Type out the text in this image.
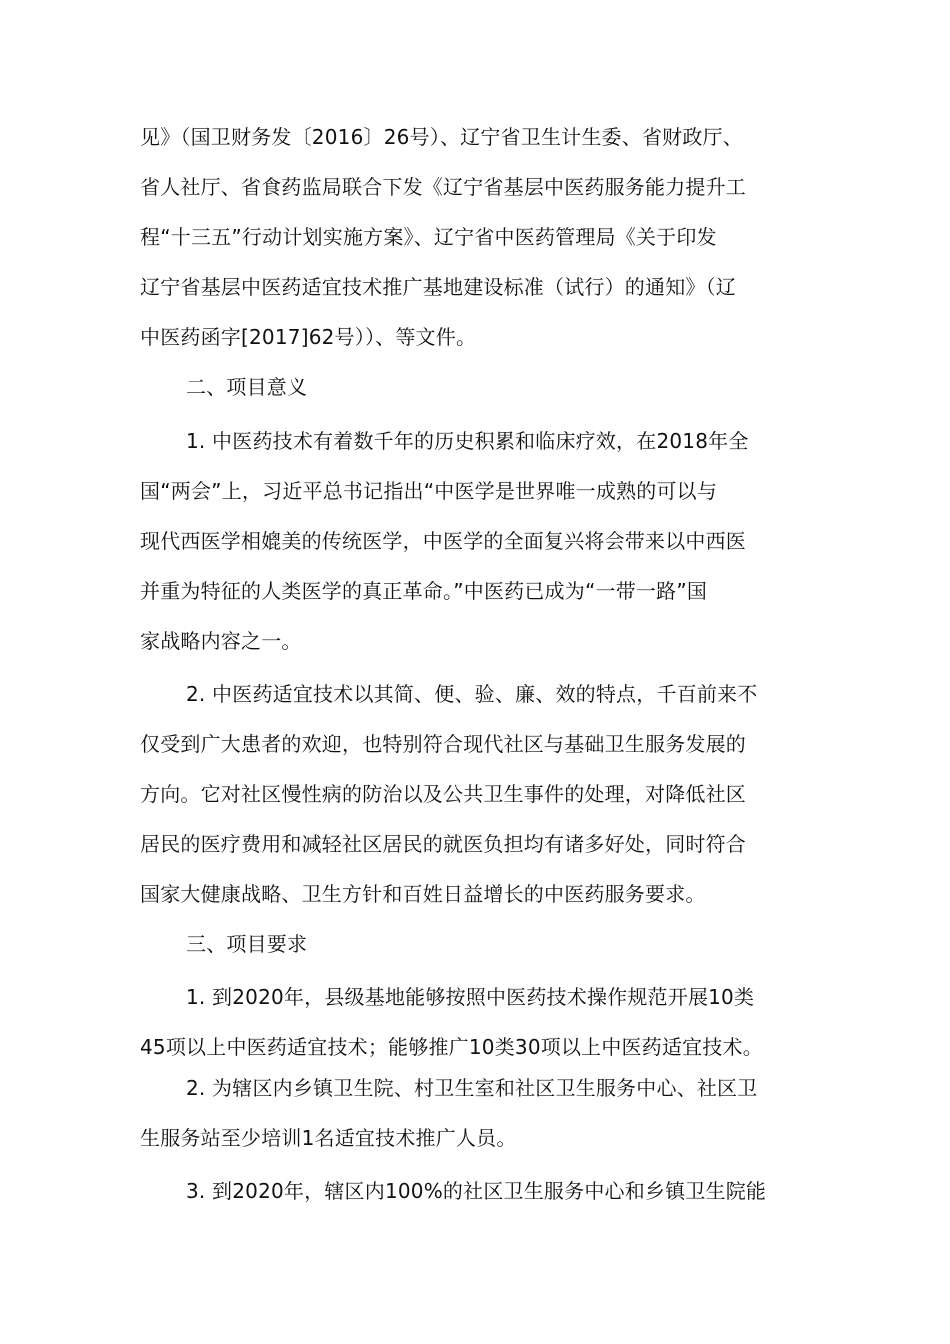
见》（国卫财务发〔2016〕26号）、辽宁省卫生计生委、省财政厅、
省人社厅、省食药监局联合下发《辽宁省基层中医药服务能力提升工
程“十三五”行动计划实施方案》、辽宁省中医药管理局《关于印发
辽宁省基层中医药适宜技术推广基地建设标准（试行）的通知》（辽
中医药函字[2017]62号））、等文件。
二、项目意义
1. 中医药技术有着数千年的历史积累和临床疗效，在2018年全
国“两会”上，习近平总书记指出“中医学是世界唯一成熟的可以与
现代西医学相媲美的传统医学，中医学的全面复兴将会带来以中西医
并重为特征的人类医学的真正革命。”中医药已成为“一带一路”国
家战略内容之一。
2. 中医药适宜技术以其简、便、验、廉、效的特点，千百前来不
仅受到广大患者的欢迎，也特别符合现代社区与基础卫生服务发展的
方向。它对社区慢性病的防治以及公共卫生事件的处理，对降低社区
居民的医疗费用和减轻社区居民的就医负担均有诸多好处，同时符合
国家大健康战略、卫生方针和百姓日益增长的中医药服务要求。
三、项目要求
1. 到2020年，县级基地能够按照中医药技术操作规范开展10类
45项以上中医药适宜技术；能够推广10类30项以上中医药适宜技术。
2. 为辖区内乡镇卫生院、村卫生室和社区卫生服务中心、社区卫
生服务站至少培训1名适宜技术推广人员。
3. 到2020年，辖区内100%的社区卫生服务中心和乡镇卫生院能
